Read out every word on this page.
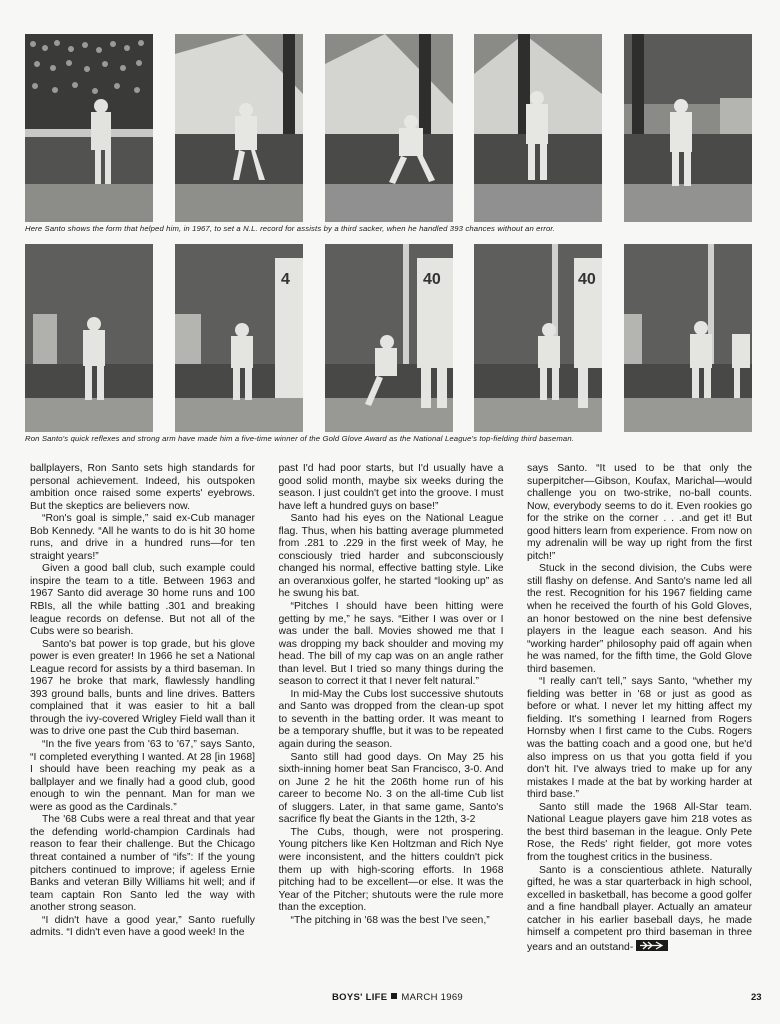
Here Santo shows the form that helped him, in 1967, to set a N.L. record for assists by a third sacker, when he handled 393 chances without an error.
4	40	40
Ron Santo's quick reflexes and strong arm have made him a five-time winner of the Gold Glove Award as the National League's top-fielding third baseman.

ballplayers, Ron Santo sets high standards for personal achievement. Indeed, his outspoken ambition once raised some experts' eyebrows. But the skeptics are believers now.

“Ron's goal is simple,” said ex-Cub manager Bob Kennedy. “All he wants to do is hit 30 home runs, and drive in a hundred runs—for ten straight years!”

Given a good ball club, such example could inspire the team to a title. Between 1963 and 1967 Santo did average 30 home runs and 100 RBIs, all the while batting .301 and breaking league records on defense. But not all of the Cubs were so bearish.

Santo's bat power is top grade, but his glove power is even greater! In 1966 he set a National League record for assists by a third baseman. In 1967 he broke that mark, flawlessly handling 393 ground balls, bunts and line drives. Batters complained that it was easier to hit a ball through the ivy-covered Wrigley Field wall than it was to drive one past the Cub third baseman.

“In the five years from '63 to '67,” says Santo, “I completed everything I wanted. At 28 [in 1968] I should have been reaching my peak as a ballplayer and we finally had a good club, good enough to win the pennant. Man for man we were as good as the Cardinals.”

The '68 Cubs were a real threat and that year the defending world-champion Cardinals had reason to fear their challenge. But the Chicago threat contained a number of “ifs”: If the young pitchers continued to improve; if ageless Ernie Banks and veteran Billy Williams hit well; and if team captain Ron Santo led the way with another strong season.

“I didn't have a good year,” Santo ruefully admits. “I didn't even have a good week! In the

past I'd had poor starts, but I'd usually have a good solid month, maybe six weeks during the season. I just couldn't get into the groove. I must have left a hundred guys on base!”

Santo had his eyes on the National League flag. Thus, when his batting average plummeted from .281 to .229 in the first week of May, he consciously tried harder and subconsciously changed his normal, effective batting style. Like an overanxious golfer, he started “looking up” as he swung his bat.

“Pitches I should have been hitting were getting by me,” he says. “Either I was over or I was under the ball. Movies showed me that I was dropping my back shoulder and moving my head. The bill of my cap was on an angle rather than level. But I tried so many things during the season to correct it that I never felt natural.”

In mid-May the Cubs lost successive shutouts and Santo was dropped from the clean-up spot to seventh in the batting order. It was meant to be a temporary shuffle, but it was to be repeated again during the season.

Santo still had good days. On May 25 his sixth-inning homer beat San Francisco, 3-0. And on June 2 he hit the 206th home run of his career to become No. 3 on the all-time Cub list of sluggers. Later, in that same game, Santo's sacrifice fly beat the Giants in the 12th, 3-2

The Cubs, though, were not prospering. Young pitchers like Ken Holtzman and Rich Nye were inconsistent, and the hitters couldn't pick them up with high-scoring efforts. In 1968 pitching had to be excellent—or else. It was the Year of the Pitcher; shutouts were the rule more than the exception.

“The pitching in '68 was the best I've seen,”

says Santo. “It used to be that only the superpitcher—Gibson, Koufax, Marichal—would challenge you on two-strike, no-ball counts. Now, everybody seems to do it. Even rookies go for the strike on the corner . . .and get it! But good hitters learn from experience. From now on my adrenalin will be way up right from the first pitch!”

Stuck in the second division, the Cubs were still flashy on defense. And Santo's name led all the rest. Recognition for his 1967 fielding came when he received the fourth of his Gold Gloves, an honor bestowed on the nine best defensive players in the league each season. And his “working harder” philosophy paid off again when he was named, for the fifth time, the Gold Glove third basemen.

“I really can't tell,” says Santo, “whether my fielding was better in '68 or just as good as before or what. I never let my hitting affect my fielding. It's something I learned from Rogers Hornsby when I first came to the Cubs. Rogers was the batting coach and a good one, but he'd also impress on us that you gotta field if you don't hit. I've always tried to make up for any mistakes I made at the bat by working harder at third base.”

Santo still made the 1968 All-Star team. National League players gave him 218 votes as the best third baseman in the league. Only Pete Rose, the Reds' right fielder, got more votes from the toughest critics in the business.

Santo is a conscientious athlete. Naturally gifted, he was a star quarterback in high school, excelled in basketball, has become a good golfer and a fine handball player. Actually an amateur catcher in his earlier baseball days, he made himself a competent pro third baseman in three years and an outstand-

BOYS' LIFE MARCH 1969	23
